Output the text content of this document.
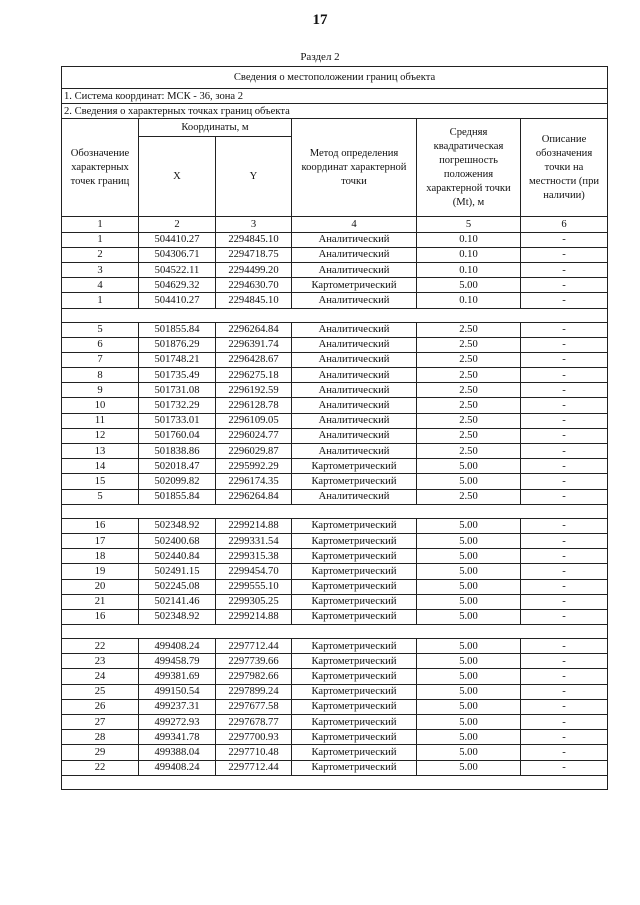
17
Раздел 2
Сведения о местоположении границ объекта					
1. Система координат: МСК - 36, зона 2					
2. Сведения о характерных точках границ объекта					
Обозначение характерных точек границ	Координаты, м		Метод определения координат характерной точки	Средняя квадратическая погрешность положения характерной точки (Mt), м	Описание обозначения точки на местности (при наличии)
	X	Y			
1	2	3	4	5	6
1	504410.27	2294845.10	Аналитический	0.10	-
2	504306.71	2294718.75	Аналитический	0.10	-
3	504522.11	2294499.20	Аналитический	0.10	-
4	504629.32	2294630.70	Картометрический	5.00	-
1	504410.27	2294845.10	Аналитический	0.10	-

5	501855.84	2296264.84	Аналитический	2.50	-
6	501876.29	2296391.74	Аналитический	2.50	-
7	501748.21	2296428.67	Аналитический	2.50	-
8	501735.49	2296275.18	Аналитический	2.50	-
9	501731.08	2296192.59	Аналитический	2.50	-
10	501732.29	2296128.78	Аналитический	2.50	-
11	501733.01	2296109.05	Аналитический	2.50	-
12	501760.04	2296024.77	Аналитический	2.50	-
13	501838.86	2296029.87	Аналитический	2.50	-
14	502018.47	2295992.29	Картометрический	5.00	-
15	502099.82	2296174.35	Картометрический	5.00	-
5	501855.84	2296264.84	Аналитический	2.50	-

16	502348.92	2299214.88	Картометрический	5.00	-
17	502400.68	2299331.54	Картометрический	5.00	-
18	502440.84	2299315.38	Картометрический	5.00	-
19	502491.15	2299454.70	Картометрический	5.00	-
20	502245.08	2299555.10	Картометрический	5.00	-
21	502141.46	2299305.25	Картометрический	5.00	-
16	502348.92	2299214.88	Картометрический	5.00	-

22	499408.24	2297712.44	Картометрический	5.00	-
23	499458.79	2297739.66	Картометрический	5.00	-
24	499381.69	2297982.66	Картометрический	5.00	-
25	499150.54	2297899.24	Картометрический	5.00	-
26	499237.31	2297677.58	Картометрический	5.00	-
27	499272.93	2297678.77	Картометрический	5.00	-
28	499341.78	2297700.93	Картометрический	5.00	-
29	499388.04	2297710.48	Картометрический	5.00	-
22	499408.24	2297712.44	Картометрический	5.00	-
